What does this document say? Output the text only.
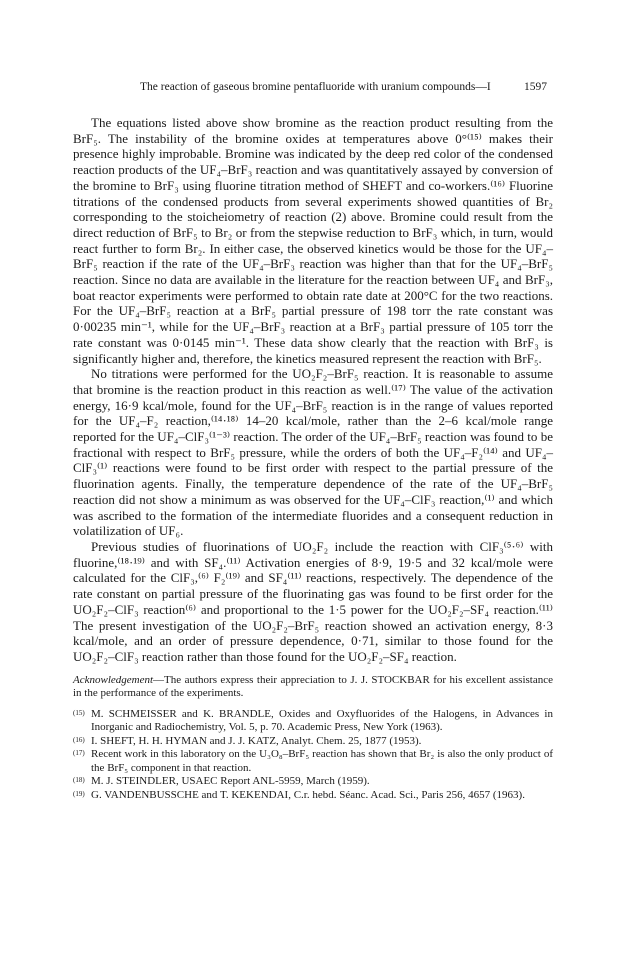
The reaction of gaseous bromine pentafluoride with uranium compounds—I	1597

The equations listed above show bromine as the reaction product resulting from the BrF₅. The instability of the bromine oxides at temperatures above 0°⁽¹⁵⁾ makes their presence highly improbable. Bromine was indicated by the deep red color of the condensed reaction products of the UF₄–BrF₃ reaction and was quantitatively assayed by conversion of the bromine to BrF₃ using fluorine titration method of SHEFT and co-workers.⁽¹⁶⁾ Fluorine titrations of the condensed products from several experiments showed quantities of Br₂ corresponding to the stoicheiometry of reaction (2) above. Bromine could result from the direct reduction of BrF₅ to Br₂ or from the stepwise reduction to BrF₃ which, in turn, would react further to form Br₂. In either case, the observed kinetics would be those for the UF₄–BrF₅ reaction if the rate of the UF₄–BrF₃ reaction was higher than that for the UF₄–BrF₅ reaction. Since no data are available in the literature for the reaction between UF₄ and BrF₃, boat reactor experiments were performed to obtain rate date at 200°C for the two reactions. For the UF₄–BrF₅ reaction at a BrF₅ partial pressure of 198 torr the rate constant was 0·00235 min⁻¹, while for the UF₄–BrF₃ reaction at a BrF₃ partial pressure of 105 torr the rate constant was 0·0145 min⁻¹. These data show clearly that the reaction with BrF₃ is significantly higher and, therefore, the kinetics measured represent the reaction with BrF₅.

No titrations were performed for the UO₂F₂–BrF₅ reaction. It is reasonable to assume that bromine is the reaction product in this reaction as well.⁽¹⁷⁾ The value of the activation energy, 16·9 kcal/mole, found for the UF₄–BrF₅ reaction is in the range of values reported for the UF₄–F₂ reaction,⁽¹⁴·¹⁸⁾ 14–20 kcal/mole, rather than the 2–6 kcal/mole range reported for the UF₄–ClF₃⁽¹⁻³⁾ reaction. The order of the UF₄–BrF₅ reaction was found to be fractional with respect to BrF₅ pressure, while the orders of both the UF₄–F₂⁽¹⁴⁾ and UF₄–ClF₃⁽¹⁾ reactions were found to be first order with respect to the partial pressure of the fluorination agents. Finally, the temperature dependence of the rate of the UF₄–BrF₅ reaction did not show a minimum as was observed for the UF₄–ClF₃ reaction,⁽¹⁾ and which was ascribed to the formation of the intermediate fluorides and a consequent reduction in volatilization of UF₆.

Previous studies of fluorinations of UO₂F₂ include the reaction with ClF₃⁽⁵·⁶⁾ with fluorine,⁽¹⁸·¹⁹⁾ and with SF₄.⁽¹¹⁾ Activation energies of 8·9, 19·5 and 32 kcal/mole were calculated for the ClF₃,⁽⁶⁾ F₂⁽¹⁹⁾ and SF₄⁽¹¹⁾ reactions, respectively. The dependence of the rate constant on partial pressure of the fluorinating gas was found to be first order for the UO₂F₂–ClF₃ reaction⁽⁶⁾ and proportional to the 1·5 power for the UO₂F₂–SF₄ reaction.⁽¹¹⁾ The present investigation of the UO₂F₂–BrF₅ reaction showed an activation energy, 8·3 kcal/mole, and an order of pressure dependence, 0·71, similar to those found for the UO₂F₂–ClF₃ reaction rather than those found for the UO₂F₂–SF₄ reaction.

Acknowledgement—The authors express their appreciation to J. J. STOCKBAR for his excellent assistance in the performance of the experiments.

(15) M. SCHMEISSER and K. BRANDLE, Oxides and Oxyfluorides of the Halogens, in Advances in Inorganic and Radiochemistry, Vol. 5, p. 70. Academic Press, New York (1963).
(16) I. SHEFT, H. H. HYMAN and J. J. KATZ, Analyt. Chem. 25, 1877 (1953).
(17) Recent work in this laboratory on the U₃O₈–BrF₅ reaction has shown that Br₂ is also the only product of the BrF₅ component in that reaction.
(18) M. J. STEINDLER, USAEC Report ANL-5959, March (1959).
(19) G. VANDENBUSSCHE and T. KEKENDAI, C.r. hebd. Séanc. Acad. Sci., Paris 256, 4657 (1963).
